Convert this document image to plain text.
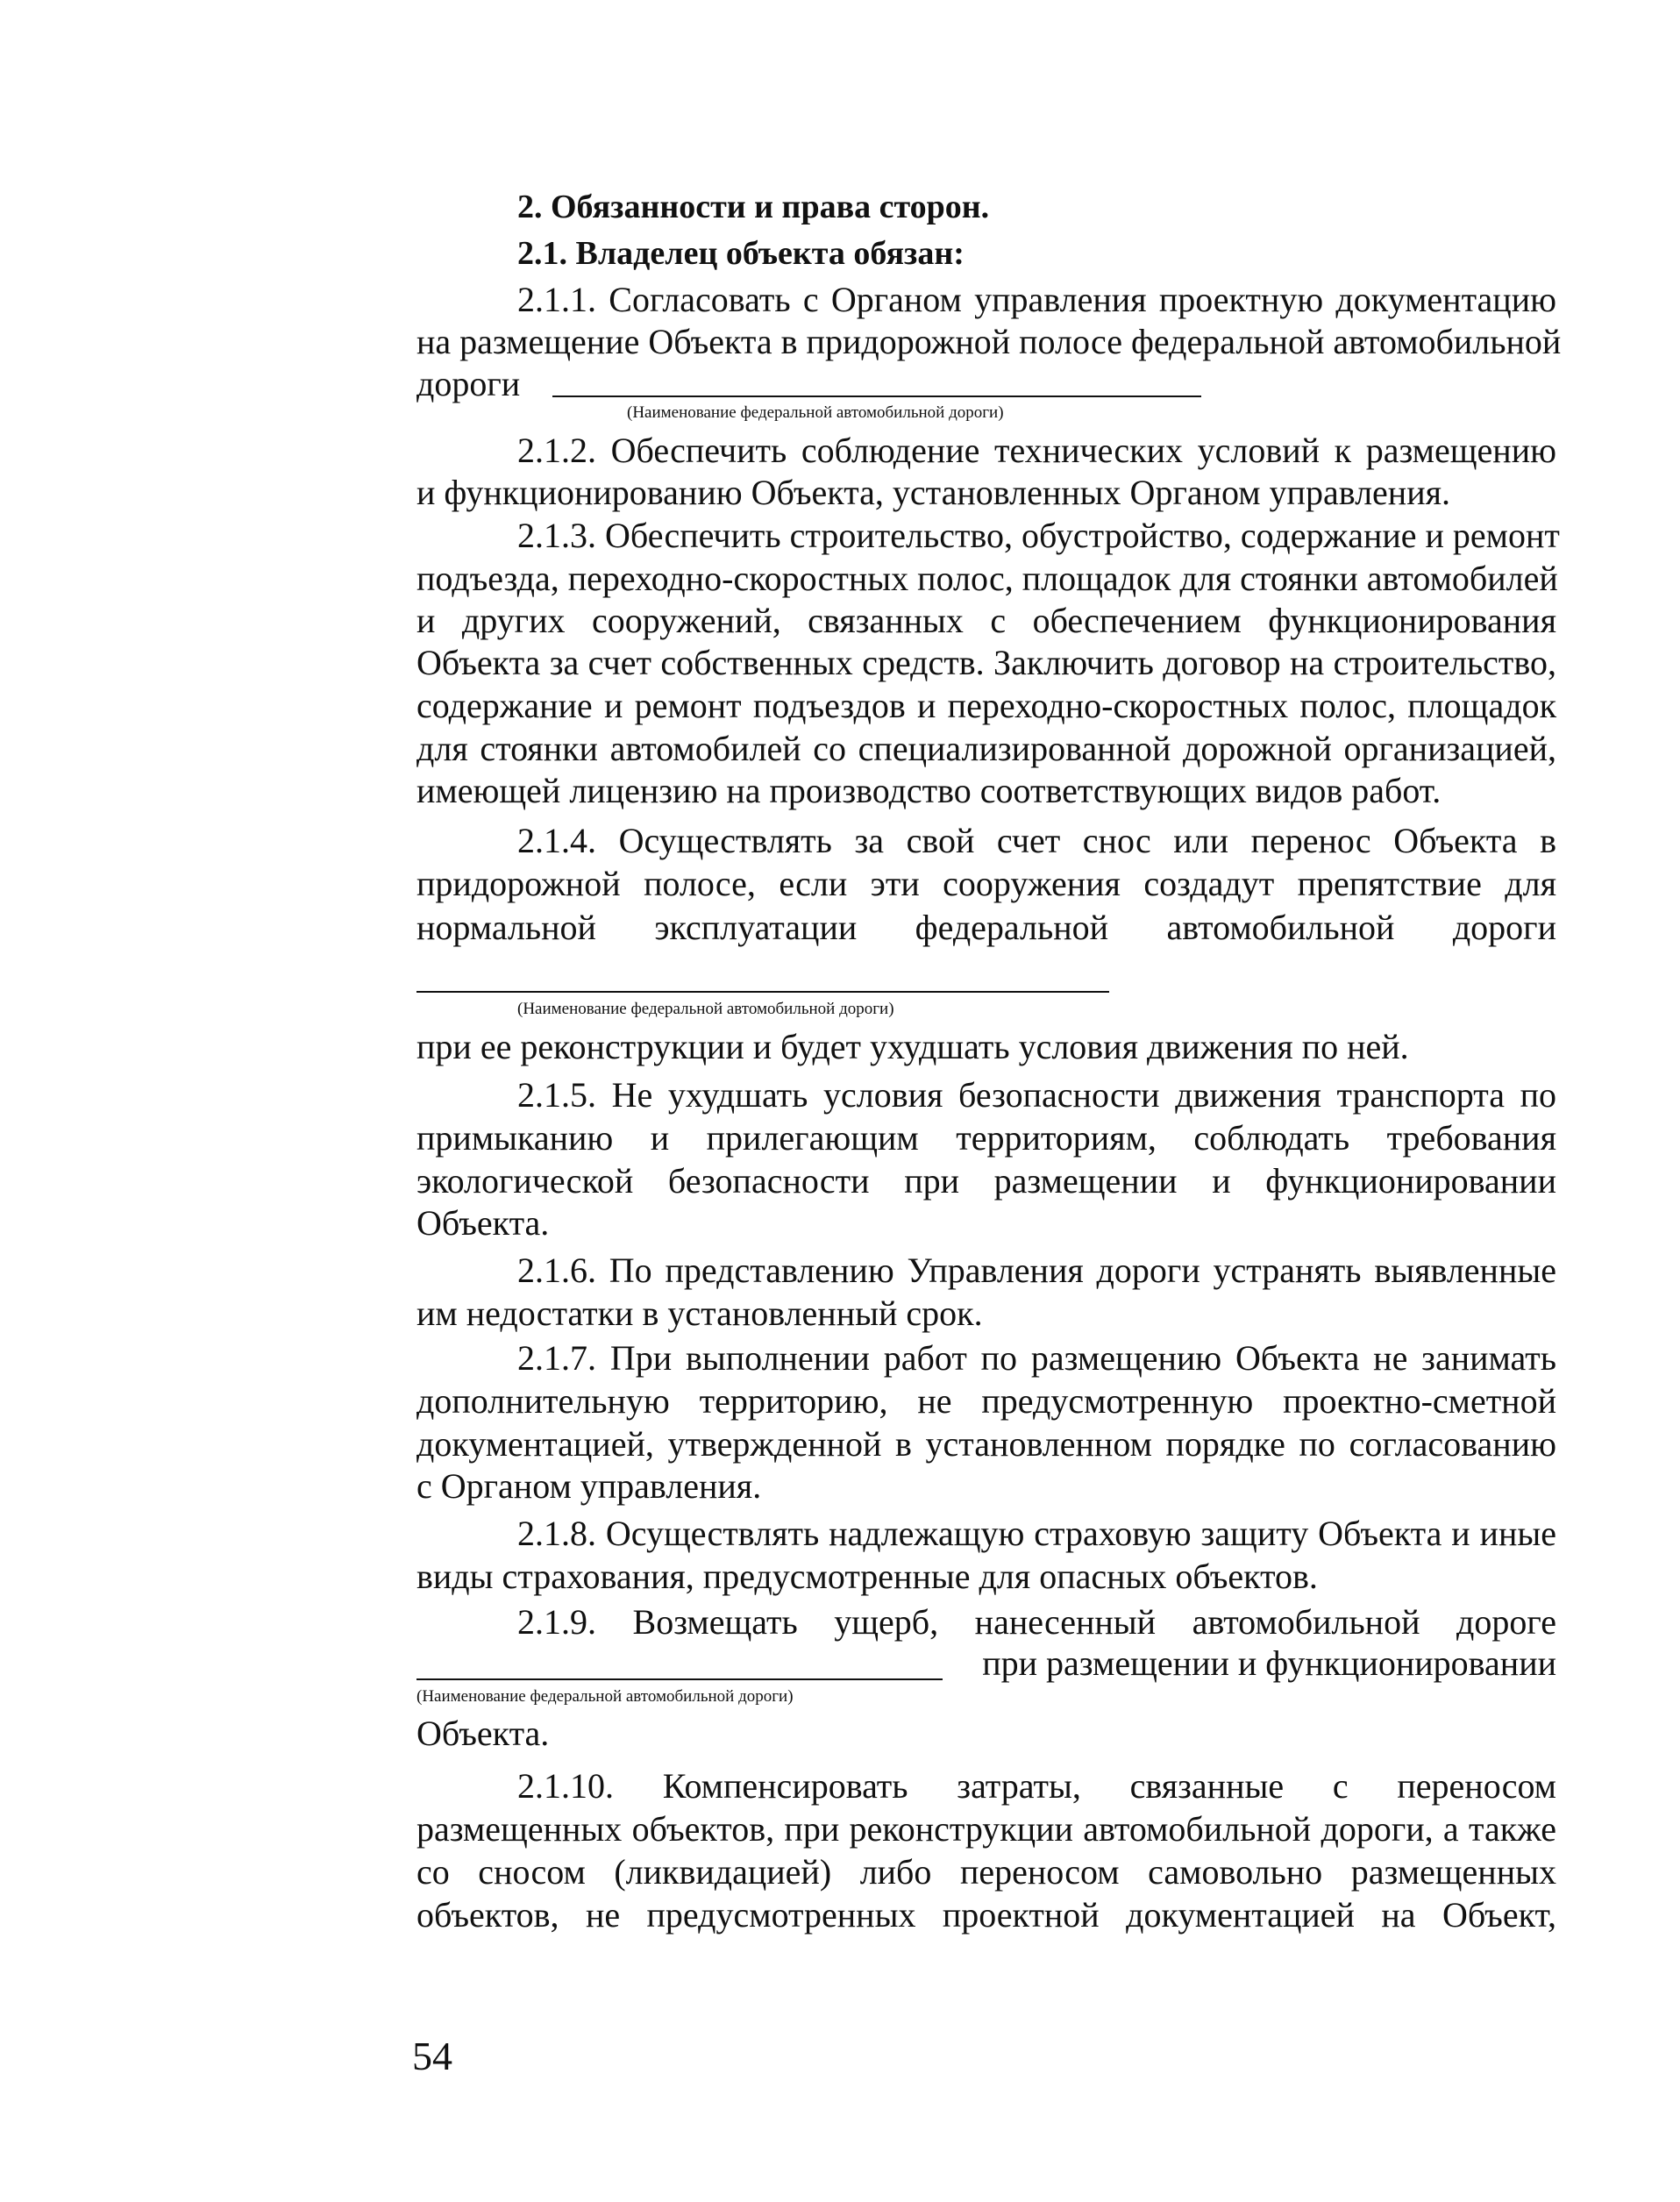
2. Обязанности и права сторон.
2.1. Владелец объекта обязан:
2.1.1. Согласовать с Органом управления проектную документацию
на размещение Объекта в придорожной полосе федеральной автомобильной
дороги
(Наименование федеральной автомобильной дороги)
2.1.2. Обеспечить соблюдение технических условий к размещению
и функционированию Объекта, установленных Органом управления.
2.1.3. Обеспечить строительство, обустройство, содержание и ремонт
подъезда, переходно-скоростных полос, площадок для стоянки автомобилей
и других сооружений, связанных с обеспечением функционирования
Объекта за счет собственных средств. Заключить договор на строительство,
содержание и ремонт подъездов и переходно-скоростных полос, площадок
для стоянки автомобилей со специализированной дорожной организацией,
имеющей лицензию на производство соответствующих видов работ.
2.1.4. Осуществлять за свой счет снос или перенос Объекта в
придорожной полосе, если эти сооружения создадут препятствие для
нормальной эксплуатации федеральной автомобильной дороги
(Наименование федеральной автомобильной дороги)
при ее реконструкции и будет ухудшать условия движения по ней.
2.1.5. Не ухудшать условия безопасности движения транспорта по
примыканию и прилегающим территориям, соблюдать требования
экологической безопасности при размещении и функционировании
Объекта.
2.1.6. По представлению Управления дороги устранять выявленные
им недостатки в установленный срок.
2.1.7. При выполнении работ по размещению Объекта не занимать
дополнительную территорию, не предусмотренную проектно-сметной
документацией, утвержденной в установленном порядке по согласованию
с Органом управления.
2.1.8. Осуществлять надлежащую страховую защиту Объекта и иные
виды страхования, предусмотренные для опасных объектов.
2.1.9. Возмещать ущерб, нанесенный автомобильной дороге
при размещении и функционировании
(Наименование федеральной автомобильной дороги)
Объекта.
2.1.10. Компенсировать затраты, связанные с переносом
размещенных объектов, при реконструкции автомобильной дороги, а также
со сносом (ликвидацией) либо переносом самовольно размещенных
объектов, не предусмотренных проектной документацией на Объект,
54
